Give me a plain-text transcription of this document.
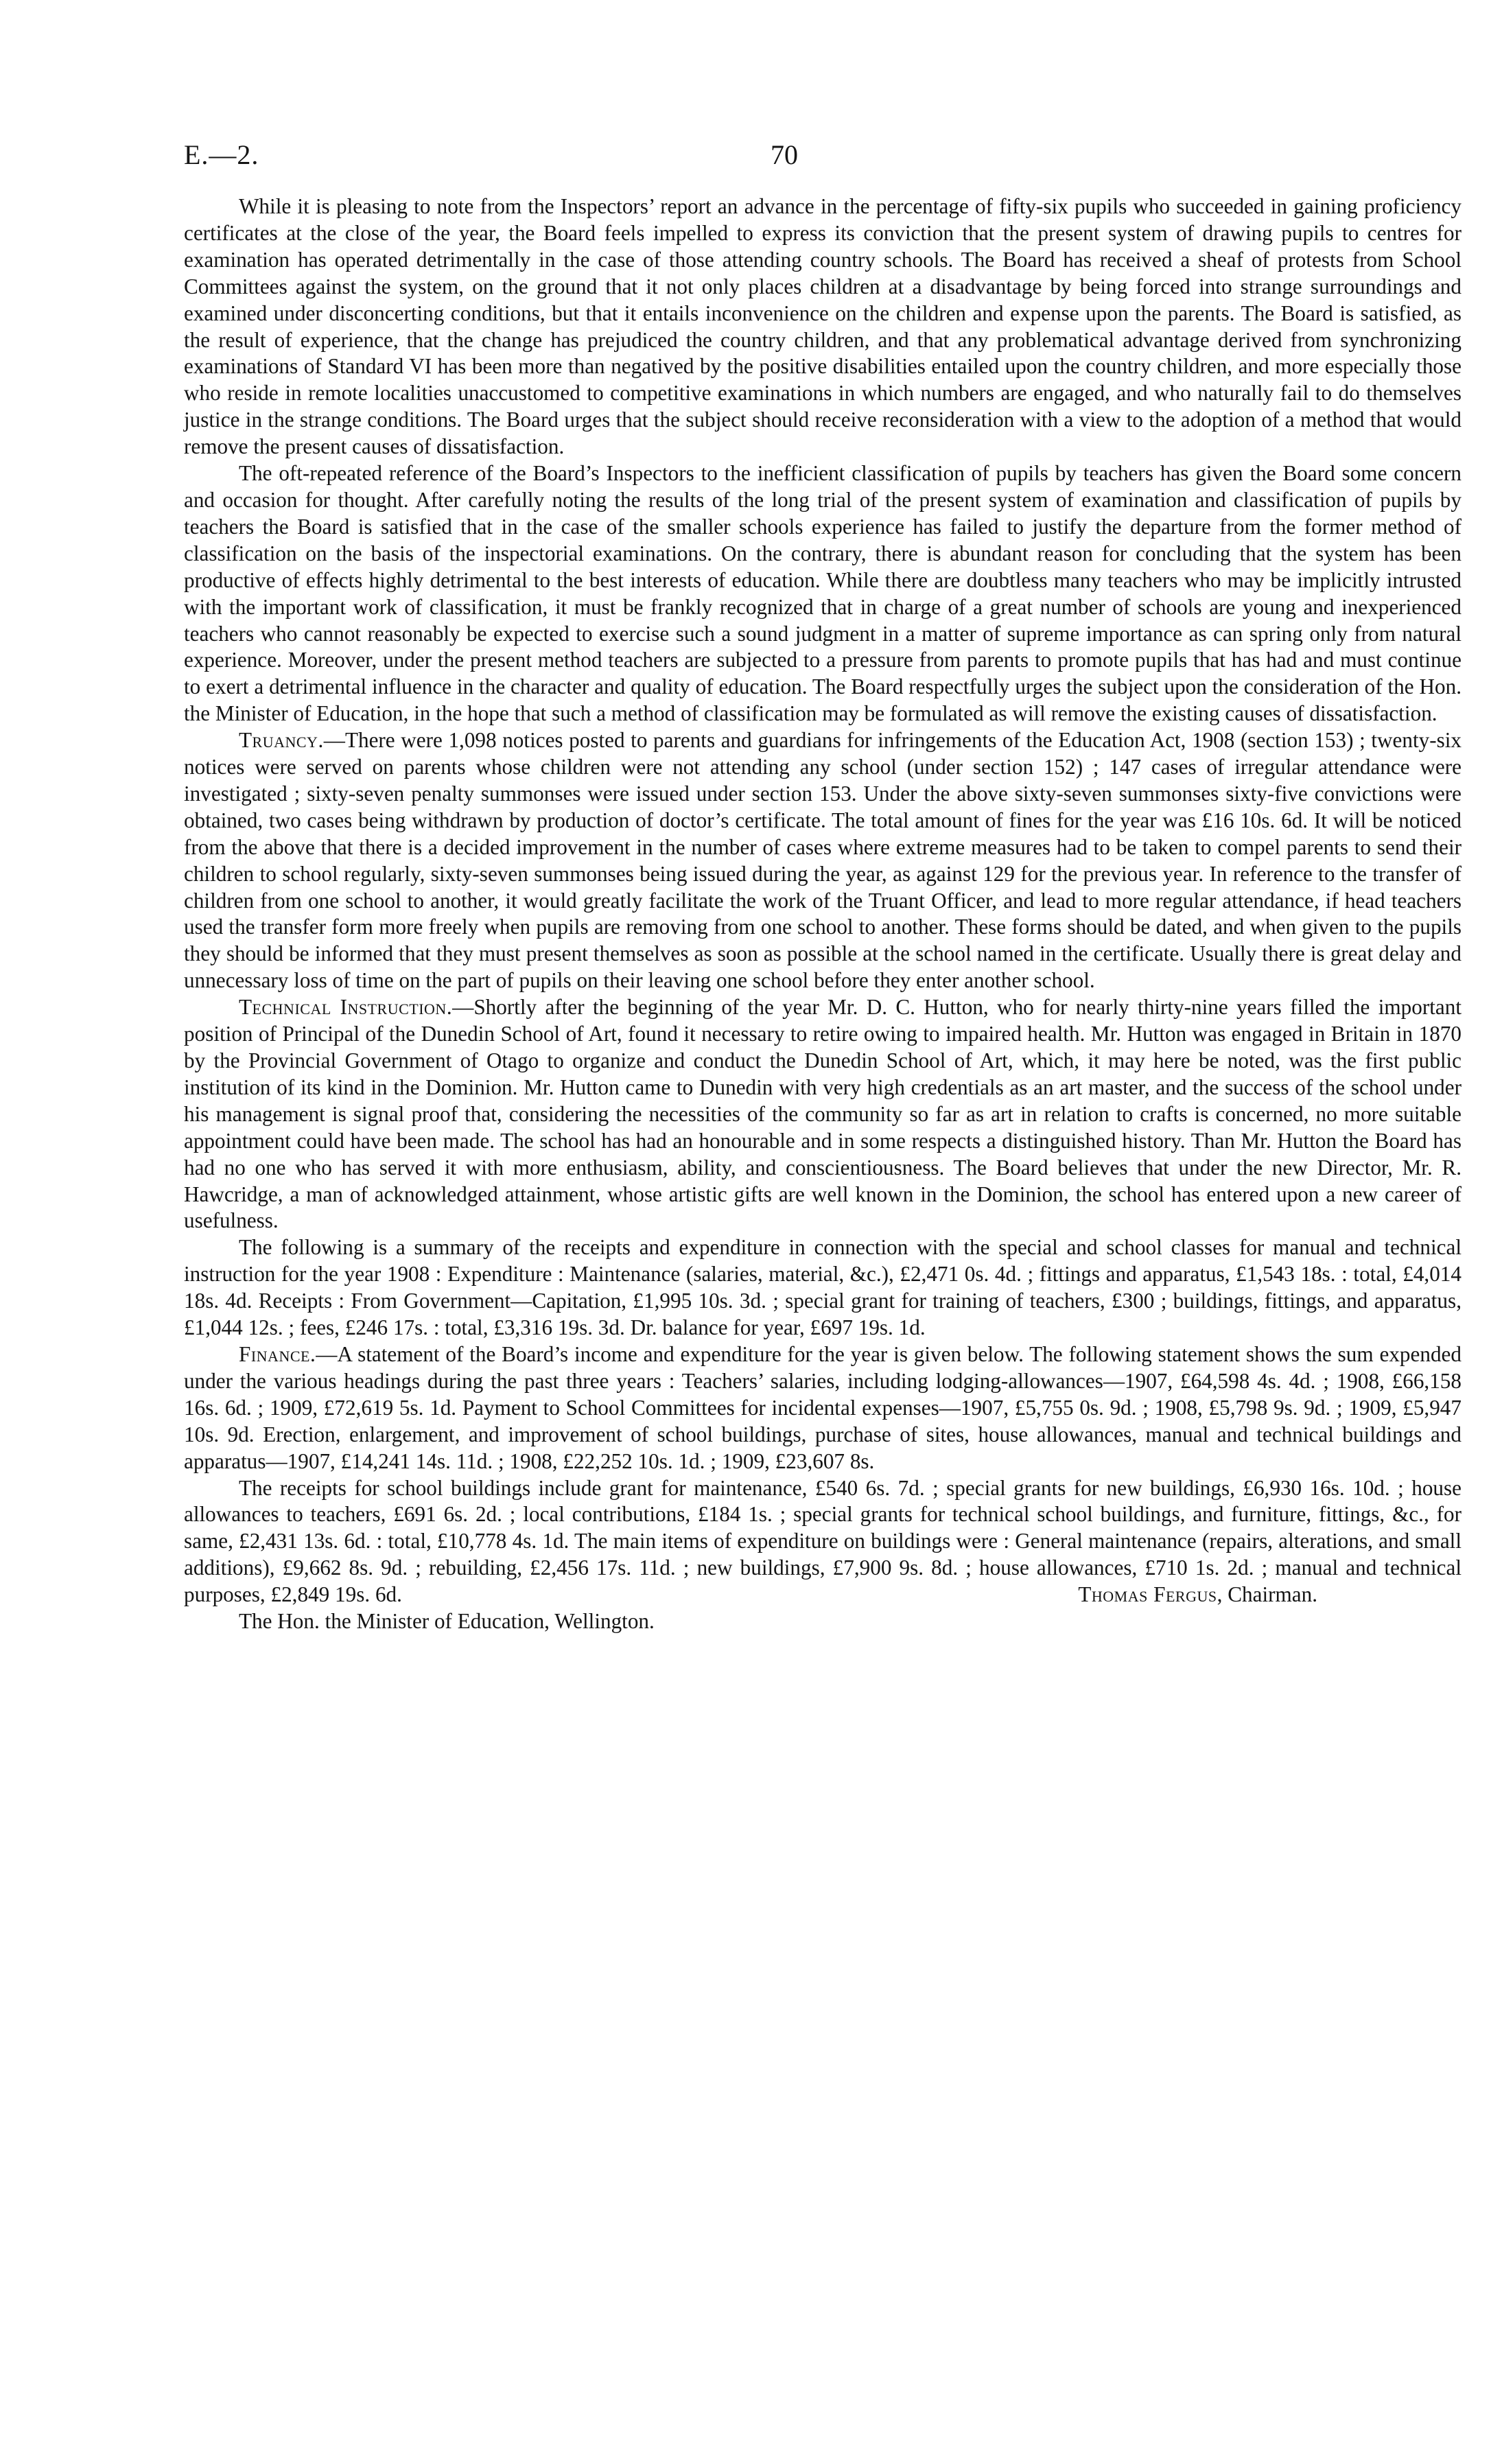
E.—2.	70

While it is pleasing to note from the Inspectors’ report an advance in the percentage of fifty-six pupils who succeeded in gaining proficiency certificates at the close of the year, the Board feels impelled to express its conviction that the present system of drawing pupils to centres for examination has operated detrimentally in the case of those attending country schools. The Board has received a sheaf of protests from School Committees against the system, on the ground that it not only places children at a disadvantage by being forced into strange surroundings and examined under disconcerting conditions, but that it entails inconvenience on the children and expense upon the parents. The Board is satisfied, as the result of experience, that the change has prejudiced the country children, and that any problematical advantage derived from synchronizing examinations of Standard VI has been more than negatived by the positive disabilities entailed upon the country children, and more especially those who reside in remote localities unaccustomed to competitive examinations in which numbers are engaged, and who naturally fail to do themselves justice in the strange conditions. The Board urges that the subject should receive reconsideration with a view to the adoption of a method that would remove the present causes of dissatisfaction.

The oft-repeated reference of the Board’s Inspectors to the inefficient classification of pupils by teachers has given the Board some concern and occasion for thought. After carefully noting the results of the long trial of the present system of examination and classification of pupils by teachers the Board is satisfied that in the case of the smaller schools experience has failed to justify the departure from the former method of classification on the basis of the inspectorial examinations. On the contrary, there is abundant reason for concluding that the system has been productive of effects highly detrimental to the best interests of education. While there are doubtless many teachers who may be implicitly intrusted with the important work of classification, it must be frankly recognized that in charge of a great number of schools are young and inexperienced teachers who cannot reasonably be expected to exercise such a sound judgment in a matter of supreme importance as can spring only from natural experience. Moreover, under the present method teachers are subjected to a pressure from parents to promote pupils that has had and must continue to exert a detrimental influence in the character and quality of education. The Board respectfully urges the subject upon the consideration of the Hon. the Minister of Education, in the hope that such a method of classification may be formulated as will remove the existing causes of dissatisfaction.

Truancy.—There were 1,098 notices posted to parents and guardians for infringements of the Education Act, 1908 (section 153) ; twenty-six notices were served on parents whose children were not attending any school (under section 152) ; 147 cases of irregular attendance were investigated ; sixty-seven penalty summonses were issued under section 153. Under the above sixty-seven summonses sixty-five convictions were obtained, two cases being withdrawn by production of doctor’s certificate. The total amount of fines for the year was £16 10s. 6d. It will be noticed from the above that there is a decided improvement in the number of cases where extreme measures had to be taken to compel parents to send their children to school regularly, sixty-seven summonses being issued during the year, as against 129 for the previous year. In reference to the transfer of children from one school to another, it would greatly facilitate the work of the Truant Officer, and lead to more regular attendance, if head teachers used the transfer form more freely when pupils are removing from one school to another. These forms should be dated, and when given to the pupils they should be informed that they must present themselves as soon as possible at the school named in the certificate. Usually there is great delay and unnecessary loss of time on the part of pupils on their leaving one school before they enter another school.

Technical Instruction.—Shortly after the beginning of the year Mr. D. C. Hutton, who for nearly thirty-nine years filled the important position of Principal of the Dunedin School of Art, found it necessary to retire owing to impaired health. Mr. Hutton was engaged in Britain in 1870 by the Provincial Government of Otago to organize and conduct the Dunedin School of Art, which, it may here be noted, was the first public institution of its kind in the Dominion. Mr. Hutton came to Dunedin with very high credentials as an art master, and the success of the school under his management is signal proof that, considering the necessities of the community so far as art in relation to crafts is concerned, no more suitable appointment could have been made. The school has had an honourable and in some respects a distinguished history. Than Mr. Hutton the Board has had no one who has served it with more enthusiasm, ability, and conscientiousness. The Board believes that under the new Director, Mr. R. Hawcridge, a man of acknowledged attainment, whose artistic gifts are well known in the Dominion, the school has entered upon a new career of usefulness.

The following is a summary of the receipts and expenditure in connection with the special and school classes for manual and technical instruction for the year 1908 : Expenditure : Maintenance (salaries, material, &c.), £2,471 0s. 4d. ; fittings and apparatus, £1,543 18s. : total, £4,014 18s. 4d. Receipts : From Government—Capitation, £1,995 10s. 3d. ; special grant for training of teachers, £300 ; buildings, fittings, and apparatus, £1,044 12s. ; fees, £246 17s. : total, £3,316 19s. 3d. Dr. balance for year, £697 19s. 1d.

Finance.—A statement of the Board’s income and expenditure for the year is given below. The following statement shows the sum expended under the various headings during the past three years : Teachers’ salaries, including lodging-allowances—1907, £64,598 4s. 4d. ; 1908, £66,158 16s. 6d. ; 1909, £72,619 5s. 1d. Payment to School Committees for incidental expenses—1907, £5,755 0s. 9d. ; 1908, £5,798 9s. 9d. ; 1909, £5,947 10s. 9d. Erection, enlargement, and improvement of school buildings, purchase of sites, house allowances, manual and technical buildings and apparatus—1907, £14,241 14s. 11d. ; 1908, £22,252 10s. 1d. ; 1909, £23,607 8s.

The receipts for school buildings include grant for maintenance, £540 6s. 7d. ; special grants for new buildings, £6,930 16s. 10d. ; house allowances to teachers, £691 6s. 2d. ; local contributions, £184 1s. ; special grants for technical school buildings, and furniture, fittings, &c., for same, £2,431 13s. 6d. : total, £10,778 4s. 1d. The main items of expenditure on buildings were : General maintenance (repairs, alterations, and small additions), £9,662 8s. 9d. ; rebuilding, £2,456 17s. 11d. ; new buildings, £7,900 9s. 8d. ; house allowances, £710 1s. 2d. ; manual and technical purposes, £2,849 19s. 6d.	Thomas Fergus, Chairman.

The Hon. the Minister of Education, Wellington.
